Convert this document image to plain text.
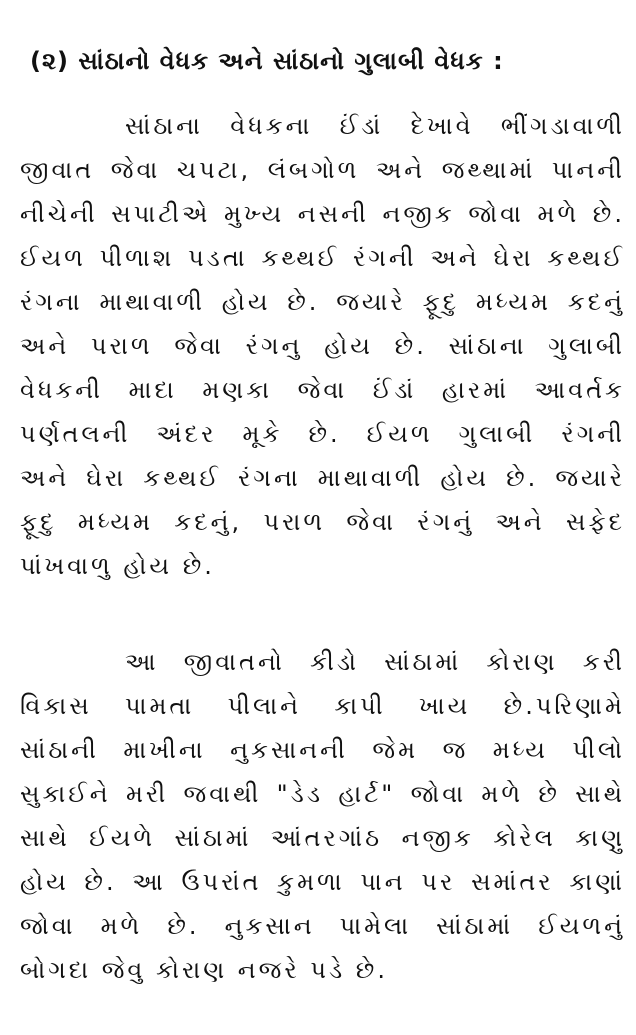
(૨) સાંઠાનો વેધક અને સાંઠાનો ગુલાબી વેધક :
સાંઠાના વેધકના ઈંડાં દેખાવે ભીંગડાવાળી
જીવાત જેવા ચપટા, લંબગોળ અને જથ્થામાં પાનની
નીચેની સપાટીએ મુખ્ય નસની નજીક જોવા મળે છે.
ઈયળ પીળાશ પડતા કથ્થઈ રંગની અને ઘેરા કથ્થઈ
રંગના માથાવાળી હોય છે. જયારે ફૂદુ મધ્યમ કદનું
અને પરાળ જેવા રંગનુ હોય છે. સાંઠાના ગુલાબી
વેધકની માદા મણકા જેવા ઈંડાં હારમાં આવર્તક
પર્ણતલની અંદર મૂકે છે. ઈયળ ગુલાબી રંગની
અને ઘેરા કથ્થઈ રંગના માથાવાળી હોય છે. જયારે
ફૂદુ મધ્યમ કદનું, પરાળ જેવા રંગનું અને સફેદ
પાંખવાળુ હોય છે.
આ જીવાતનો કીડો સાંઠામાં કોરાણ કરી
વિકાસ પામતા પીલાને કાપી ખાય છે.પરિણામે
સાંઠાની માખીના નુકસાનની જેમ જ મધ્ય પીલો
સુકાઈને મરી જવાથી "ડેડ હાર્ટ" જોવા મળે છે સાથે
સાથે ઈયળે સાંઠામાં આંતરગાંઠ નજીક કોરેલ કાણુ
હોય છે. આ ઉપરાંત કુમળા પાન પર સમાંતર કાણાં
જોવા મળે છે. નુકસાન પામેલા સાંઠામાં ઈયળનું
બોગદા જેવુ કોરાણ નજરે પડે છે.
